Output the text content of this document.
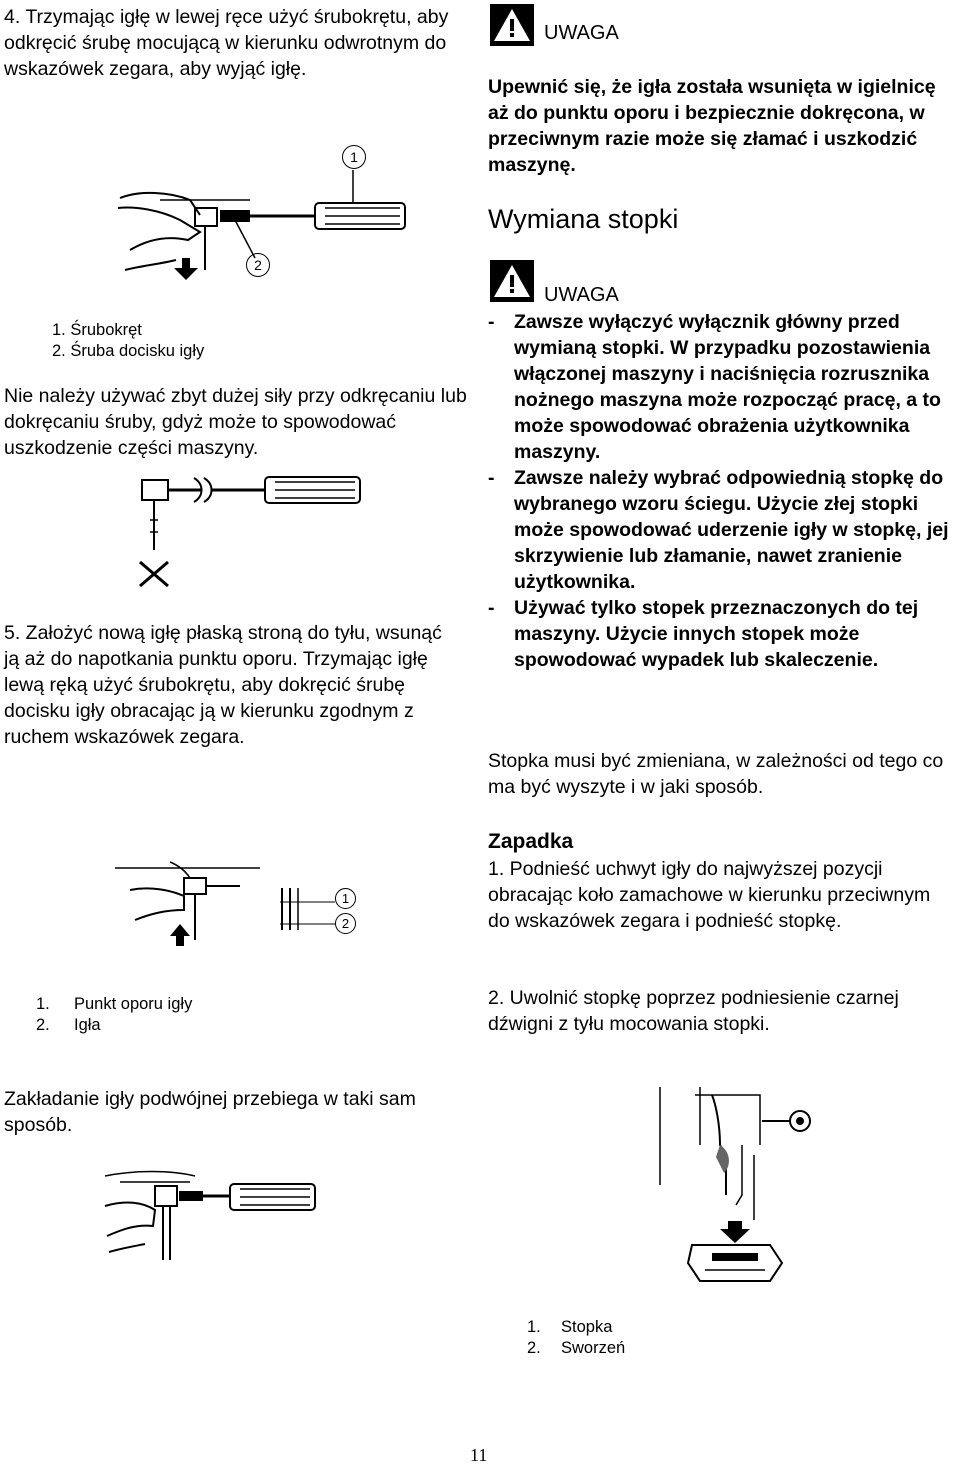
4. Trzymając igłę w lewej ręce użyć śrubokrętu, aby odkręcić śrubę mocującą w kierunku odwrotnym do wskazówek zegara, aby wyjąć igłę.
1
2
1. Śrubokręt
2. Śruba docisku igły
Nie należy używać zbyt dużej siły przy odkręcaniu lub dokręcaniu śruby, gdyż może to spowodować uszkodzenie części maszyny.
5. Założyć nową igłę płaską stroną do tyłu, wsunąć ją aż do napotkania punktu oporu. Trzymając igłę lewą ręką użyć śrubokrętu, aby dokręcić śrubę docisku igły obracając ją w kierunku zgodnym z ruchem wskazówek zegara.
1
2
1. Punkt oporu igły
2. Igła
Zakładanie igły podwójnej przebiega w taki sam sposób.
UWAGA
Upewnić się, że igła została wsunięta w igielnicę aż do punktu oporu i bezpiecznie dokręcona, w przeciwnym razie może się złamać i uszkodzić maszynę.
Wymiana stopki
UWAGA
- Zawsze wyłączyć wyłącznik główny przed wymianą stopki. W przypadku pozostawienia włączonej maszyny i naciśnięcia rozrusznika nożnego maszyna może rozpocząć pracę, a to może spowodować obrażenia użytkownika maszyny.
- Zawsze należy wybrać odpowiednią stopkę do wybranego wzoru ściegu. Użycie złej stopki może spowodować uderzenie igły w stopkę, jej skrzywienie lub złamanie, nawet zranienie użytkownika.
- Używać tylko stopek przeznaczonych do tej maszyny. Użycie innych stopek może spowodować wypadek lub skaleczenie.
Stopka musi być zmieniana, w zależności od tego co ma być wyszyte i w jaki sposób.
Zapadka
1. Podnieść uchwyt igły do najwyższej pozycji obracając koło zamachowe w kierunku przeciwnym do wskazówek zegara i podnieść stopkę.
2. Uwolnić stopkę poprzez podniesienie czarnej dźwigni z tyłu mocowania stopki.
1. Stopka
2. Sworzeń
11
